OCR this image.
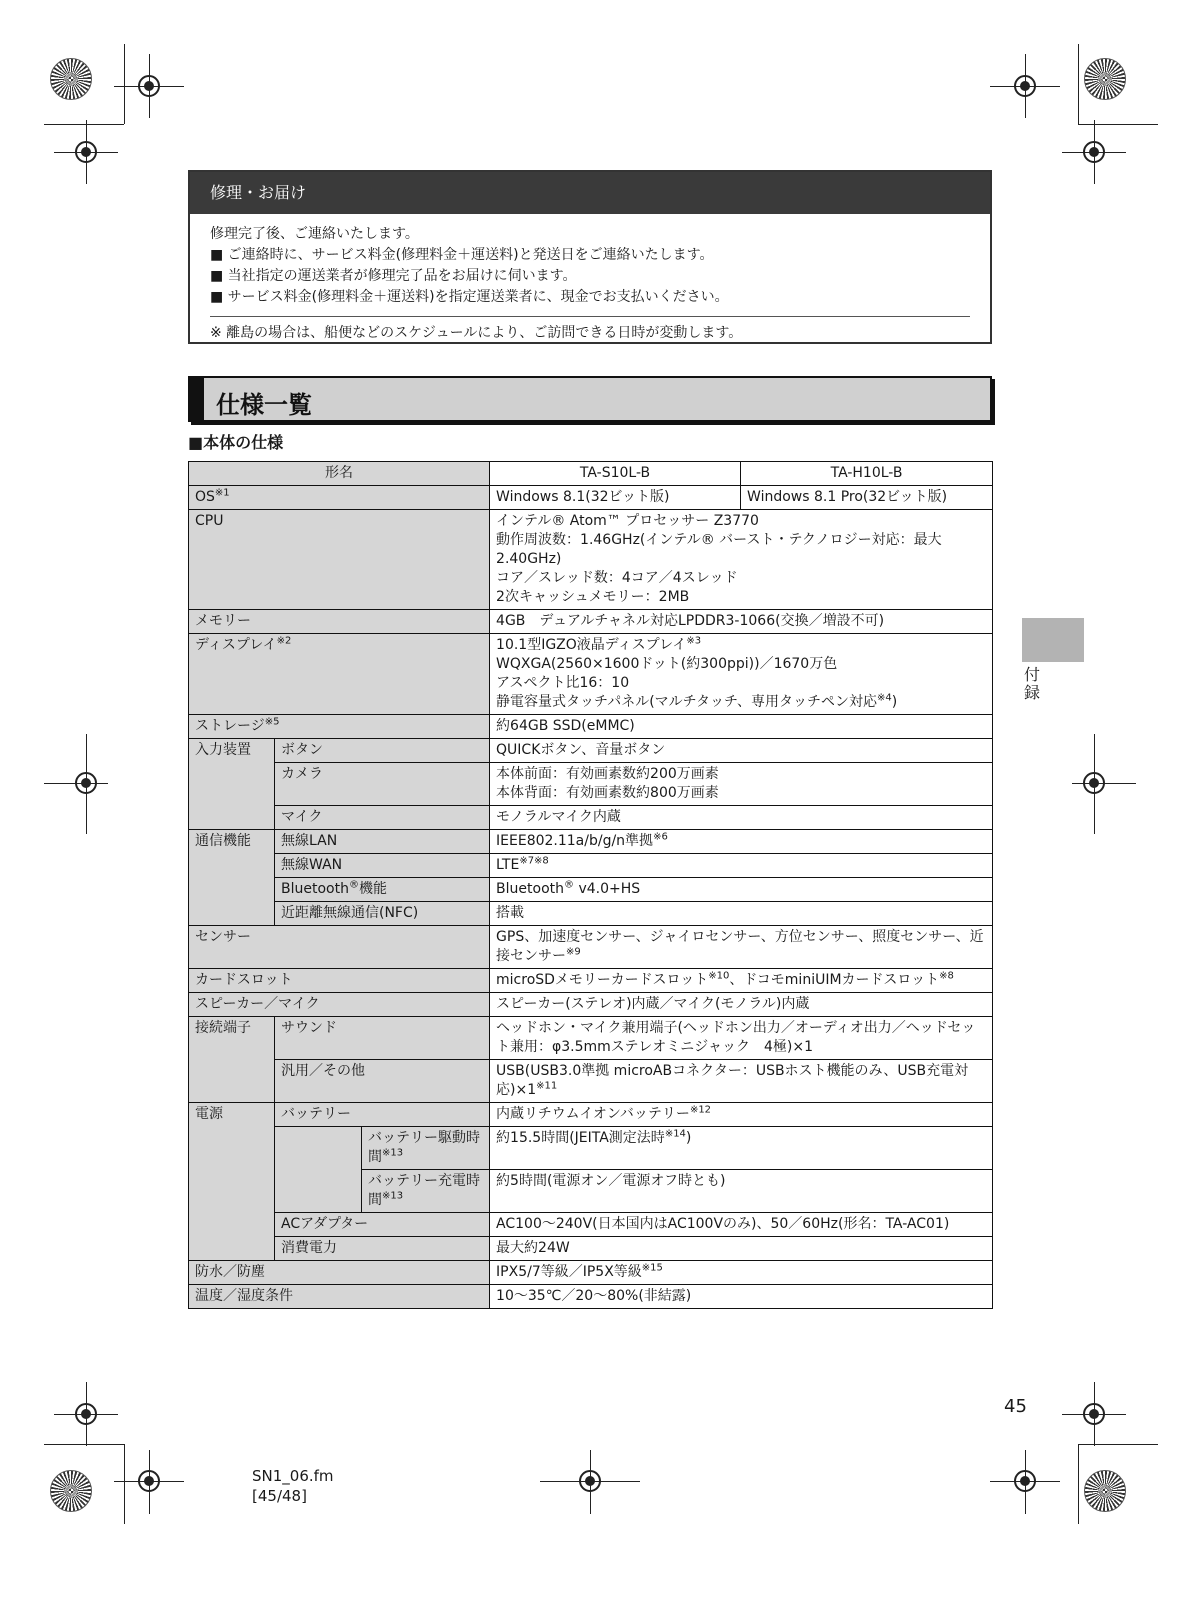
修理・お届け
修理完了後、ご連絡いたします。
■ ご連絡時に、サービス料金(修理料金＋運送料)と発送日をご連絡いたします。
■ 当社指定の運送業者が修理完了品をお届けに伺います。
■ サービス料金(修理料金＋運送料)を指定運送業者に、現金でお支払いください。
※ 離島の場合は、船便などのスケジュールにより、ご訪問できる日時が変動します。
仕様一覧
■本体の仕様
形名			TA-S10L-B	TA-H10L-B
OS$^{※1}$			Windows 8.1(32ビット版)	Windows 8.1 Pro(32ビット版)
CPU			インテル® Atom™ プロセッサー Z3770
動作周波数：1.46GHz(インテル® バースト・テクノロジー対応：最大2.40GHz)
コア／スレッド数：4コア／4スレッド
2次キャッシュメモリー：2MB	

メモリー			4GB　デュアルチャネル対応LPDDR3-1066(交換／増設不可)	
ディスプレイ$^{※2}$			10.1型IGZO液晶ディスプレイ$^{※3}$
WQXGA(2560×1600ドット(約300ppi))／1670万色
アスペクト比16：10
静電容量式タッチパネル(マルチタッチ、専用タッチペン対応$^{※4}$)	

ストレージ$^{※5}$			約64GB SSD(eMMC)	
入力装置	ボタン		QUICKボタン、音量ボタン	
	カメラ		本体前面：有効画素数約200万画素
本体背面：有効画素数約800万画素	

	マイク		モノラルマイク内蔵	
通信機能	無線LAN		IEEE802.11a/b/g/n準拠$^{※6}$
	無線WAN		$LTE^{※7※8}$
	Bluetooth®機能		Bluetooth® v4.0+HS	
	近距離無線通信(NFC)		搭載	
センサー			GPS、加速度センサー、ジャイロセンサー、方位センサー、照度センサー、近接センサー$^{※9}$
カードスロット			microSDメモリーカードスロット$^{※10}$、ドコモminiUIMカードスロット$^{※8}$
スピーカー／マイク			スピーカー(ステレオ)内蔵／マイク(モノラル)内蔵	
接続端子	サウンド		ヘッドホン・マイク兼用端子(ヘッドホン出力／オーディオ出力／ヘッドセット兼用：φ3.5mmステレオミニジャック　4極)×1	
	汎用／その他		USB(USB3.0準拠 microABコネクター：USBホスト機能のみ、USB充電対応)$\times 1^{※11}$
電源	バッテリー		内蔵リチウムイオンバッテリー$^{※12}$
		バッテリー駆動時間$^{※13}$	約15.5時間(JEITA測定法時$^{※14}$)	
		バッテリー充電時間$^{※13}$	約5時間(電源オン／電源オフ時とも)	
	ACアダプター		AC100〜240V(日本国内はAC100Vのみ)、50／60Hz(形名：TA-AC01)	
	消費電力		最大約24W	
防水／防塵			IPX5/7等級／IP5X等級$^{※15}$
温度／湿度条件			10〜35℃／20〜80%(非結露)	
付録
45
SN1_06.fm
[45/48]
